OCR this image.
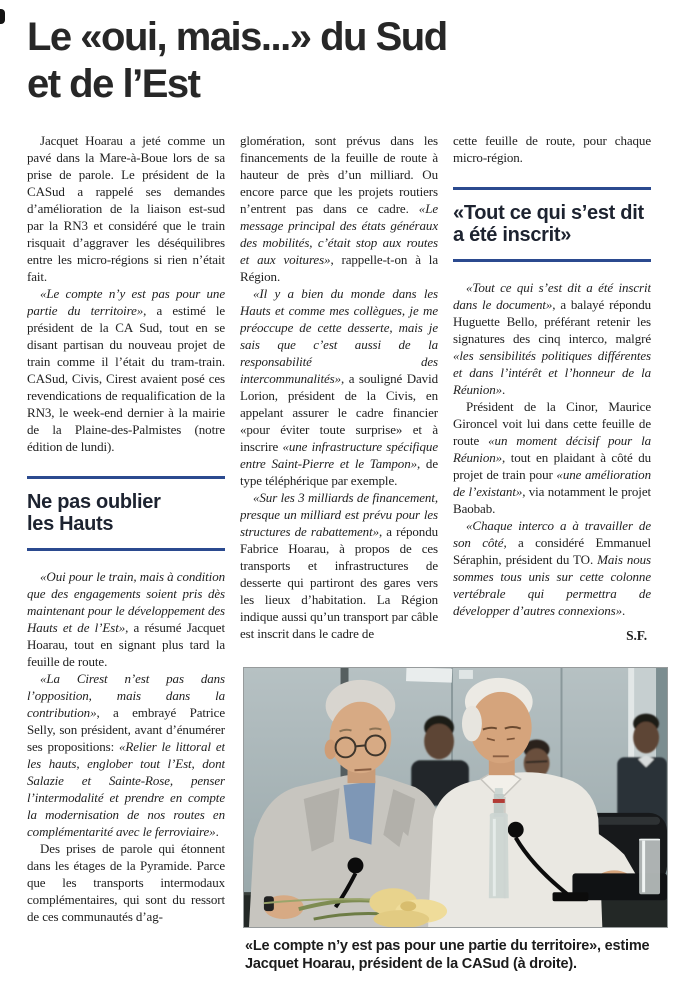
Le «oui, mais...» du Sud
et de l’Est

Jacquet Hoarau a jeté comme un pavé dans la Mare-à-Boue lors de sa prise de parole. Le président de la CASud a rappelé ses demandes d’amélioration de la liaison est-sud par la RN3 et considéré que le train risquait d’aggraver les déséquilibres entre les micro-régions si rien n’était fait.

«Le compte n’y est pas pour une partie du territoire», a estimé le président de la CA Sud, tout en se disant partisan du nouveau projet de train comme il l’était du tram-train. CASud, Civis, Cirest avaient posé ces revendications de requalification de la RN3, le week-end dernier à la mairie de la Plaine-des-Palmistes (notre édition de lundi).

Ne pas oublier
les Hauts

«Oui pour le train, mais à condition que des engagements soient pris dès maintenant pour le développement des Hauts et de l’Est», a résumé Jacquet Hoarau, tout en signant plus tard la feuille de route.

«La Cirest n’est pas dans l’opposition, mais dans la contribution», a embrayé Patrice Selly, son président, avant d’énumérer ses propositions: «Relier le littoral et les hauts, englober tout l’Est, dont Salazie et Sainte-Rose, penser l’intermodalité et prendre en compte la modernisation de nos routes en complémentarité avec le ferroviaire».

Des prises de parole qui étonnent dans les étages de la Pyramide. Parce que les transports intermodaux complémentaires, qui sont du ressort de ces communautés d’ag-

glomération, sont prévus dans les financements de la feuille de route à hauteur de près d’un milliard. Ou encore parce que les projets routiers n’entrent pas dans ce cadre. «Le message principal des états généraux des mobilités, c’était stop aux routes et aux voitures», rappelle-t-on à la Région.

«Il y a bien du monde dans les Hauts et comme mes collègues, je me préoccupe de cette desserte, mais je sais que c’est aussi de la responsabilité des intercommunalités», a souligné David Lorion, président de la Civis, en appelant assurer le cadre financier «pour éviter toute surprise» et à inscrire «une infrastructure spécifique entre Saint-Pierre et le Tampon», de type téléphérique par exemple.

«Sur les 3 milliards de financement, presque un milliard est prévu pour les structures de rabattement», a répondu Fabrice Hoarau, à propos de ces transports et infrastructures de desserte qui partiront des gares vers les lieux d’habitation. La Région indique aussi qu’un transport par câble est inscrit dans le cadre de

cette feuille de route, pour chaque micro-région.

«Tout ce qui s’est dit
a été inscrit»

«Tout ce qui s’est dit a été inscrit dans le document», a balayé répondu Huguette Bello, préférant retenir les signatures des cinq interco, malgré «les sensibilités politiques différentes et dans l’intérêt et l’honneur de la Réunion».

Président de la Cinor, Maurice Gironcel voit lui dans cette feuille de route «un moment décisif pour la Réunion», tout en plaidant à côté du projet de train pour «une amélioration de l’existant», via notamment le projet Baobab.

«Chaque interco a à travailler de son côté, a considéré Emmanuel Séraphin, président du TO. Mais nous sommes tous unis sur cette colonne vertébrale qui permettra de développer d’autres connexions».

S.F.

«Le compte n’y est pas pour une partie du territoire», estime
Jacquet Hoarau, président de la CASud (à droite).
